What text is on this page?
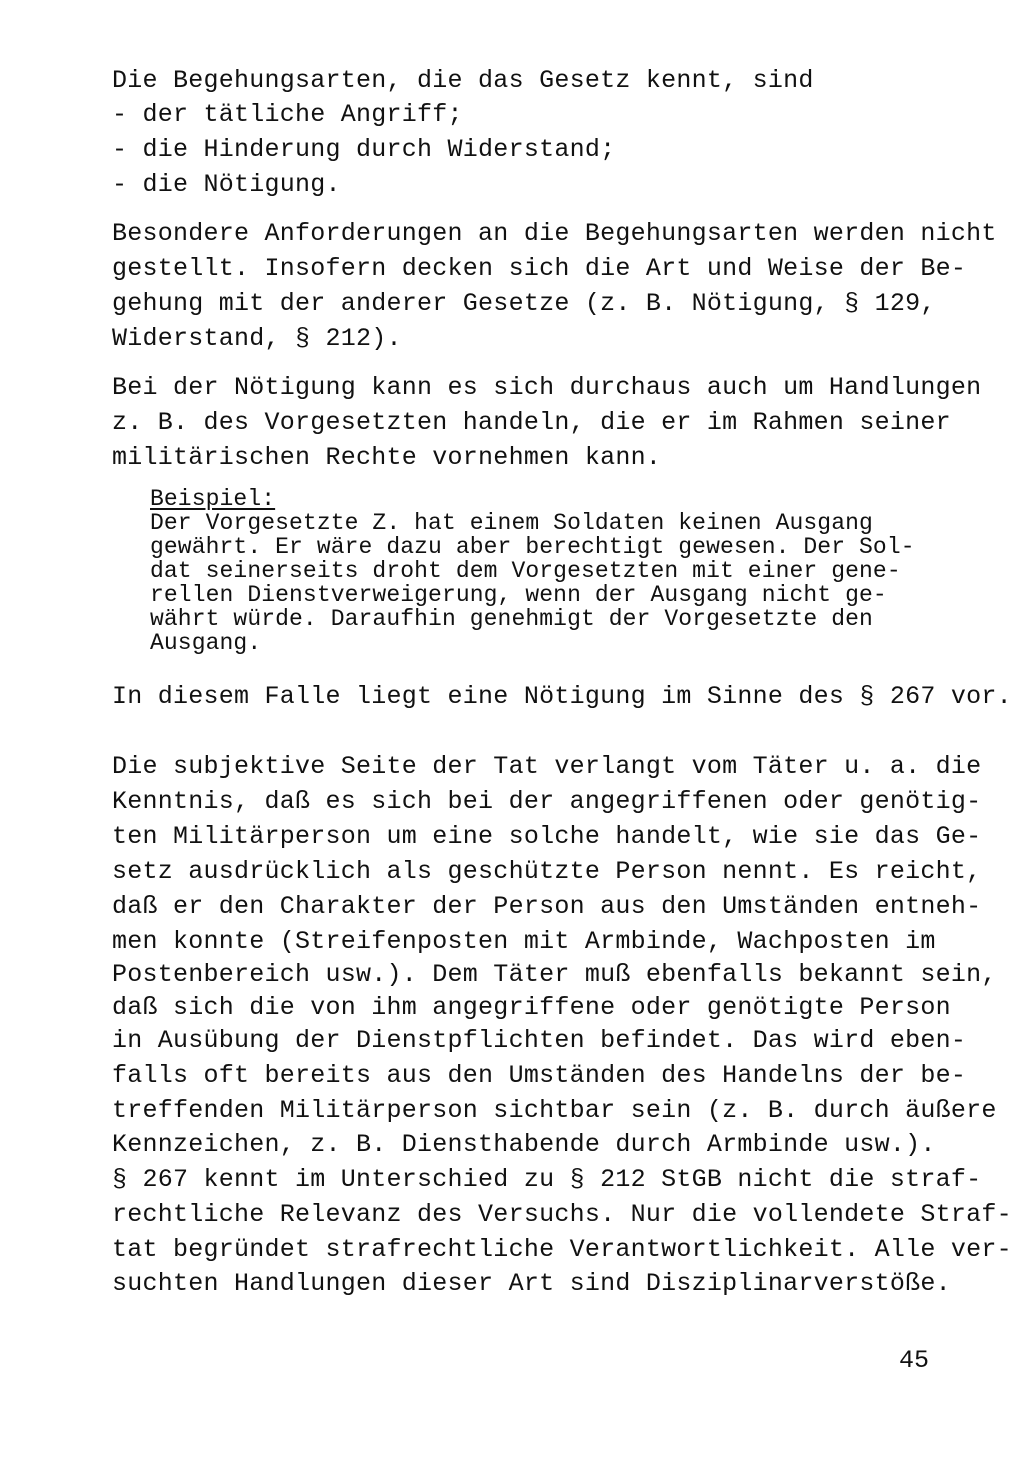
Die Begehungsarten, die das Gesetz kennt, sind
- der tätliche Angriff;
- die Hinderung durch Widerstand;
- die Nötigung.
Besondere Anforderungen an die Begehungsarten werden nicht
gestellt. Insofern decken sich die Art und Weise der Be-
gehung mit der anderer Gesetze (z. B. Nötigung, § 129,
Widerstand, § 212).
Bei der Nötigung kann es sich durchaus auch um Handlungen
z. B. des Vorgesetzten handeln, die er im Rahmen seiner
militärischen Rechte vornehmen kann.
Beispiel:
Der Vorgesetzte Z. hat einem Soldaten keinen Ausgang
gewährt. Er wäre dazu aber berechtigt gewesen. Der Sol-
dat seinerseits droht dem Vorgesetzten mit einer gene-
rellen Dienstverweigerung, wenn der Ausgang nicht ge-
währt würde. Daraufhin genehmigt der Vorgesetzte den
Ausgang.
In diesem Falle liegt eine Nötigung im Sinne des § 267 vor.
Die subjektive Seite der Tat verlangt vom Täter u. a. die
Kenntnis, daß es sich bei der angegriffenen oder genötig-
ten Militärperson um eine solche handelt, wie sie das Ge-
setz ausdrücklich als geschützte Person nennt. Es reicht,
daß er den Charakter der Person aus den Umständen entneh-
men konnte (Streifenposten mit Armbinde, Wachposten im
Postenbereich usw.). Dem Täter muß ebenfalls bekannt sein,
daß sich die von ihm angegriffene oder genötigte Person
in Ausübung der Dienstpflichten befindet. Das wird eben-
falls oft bereits aus den Umständen des Handelns der be-
treffenden Militärperson sichtbar sein (z. B. durch äußere
Kennzeichen, z. B. Diensthabende durch Armbinde usw.).
§ 267 kennt im Unterschied zu § 212 StGB nicht die straf-
rechtliche Relevanz des Versuchs. Nur die vollendete Straf-
tat begründet strafrechtliche Verantwortlichkeit. Alle ver-
suchten Handlungen dieser Art sind Disziplinarverstöße.
45
